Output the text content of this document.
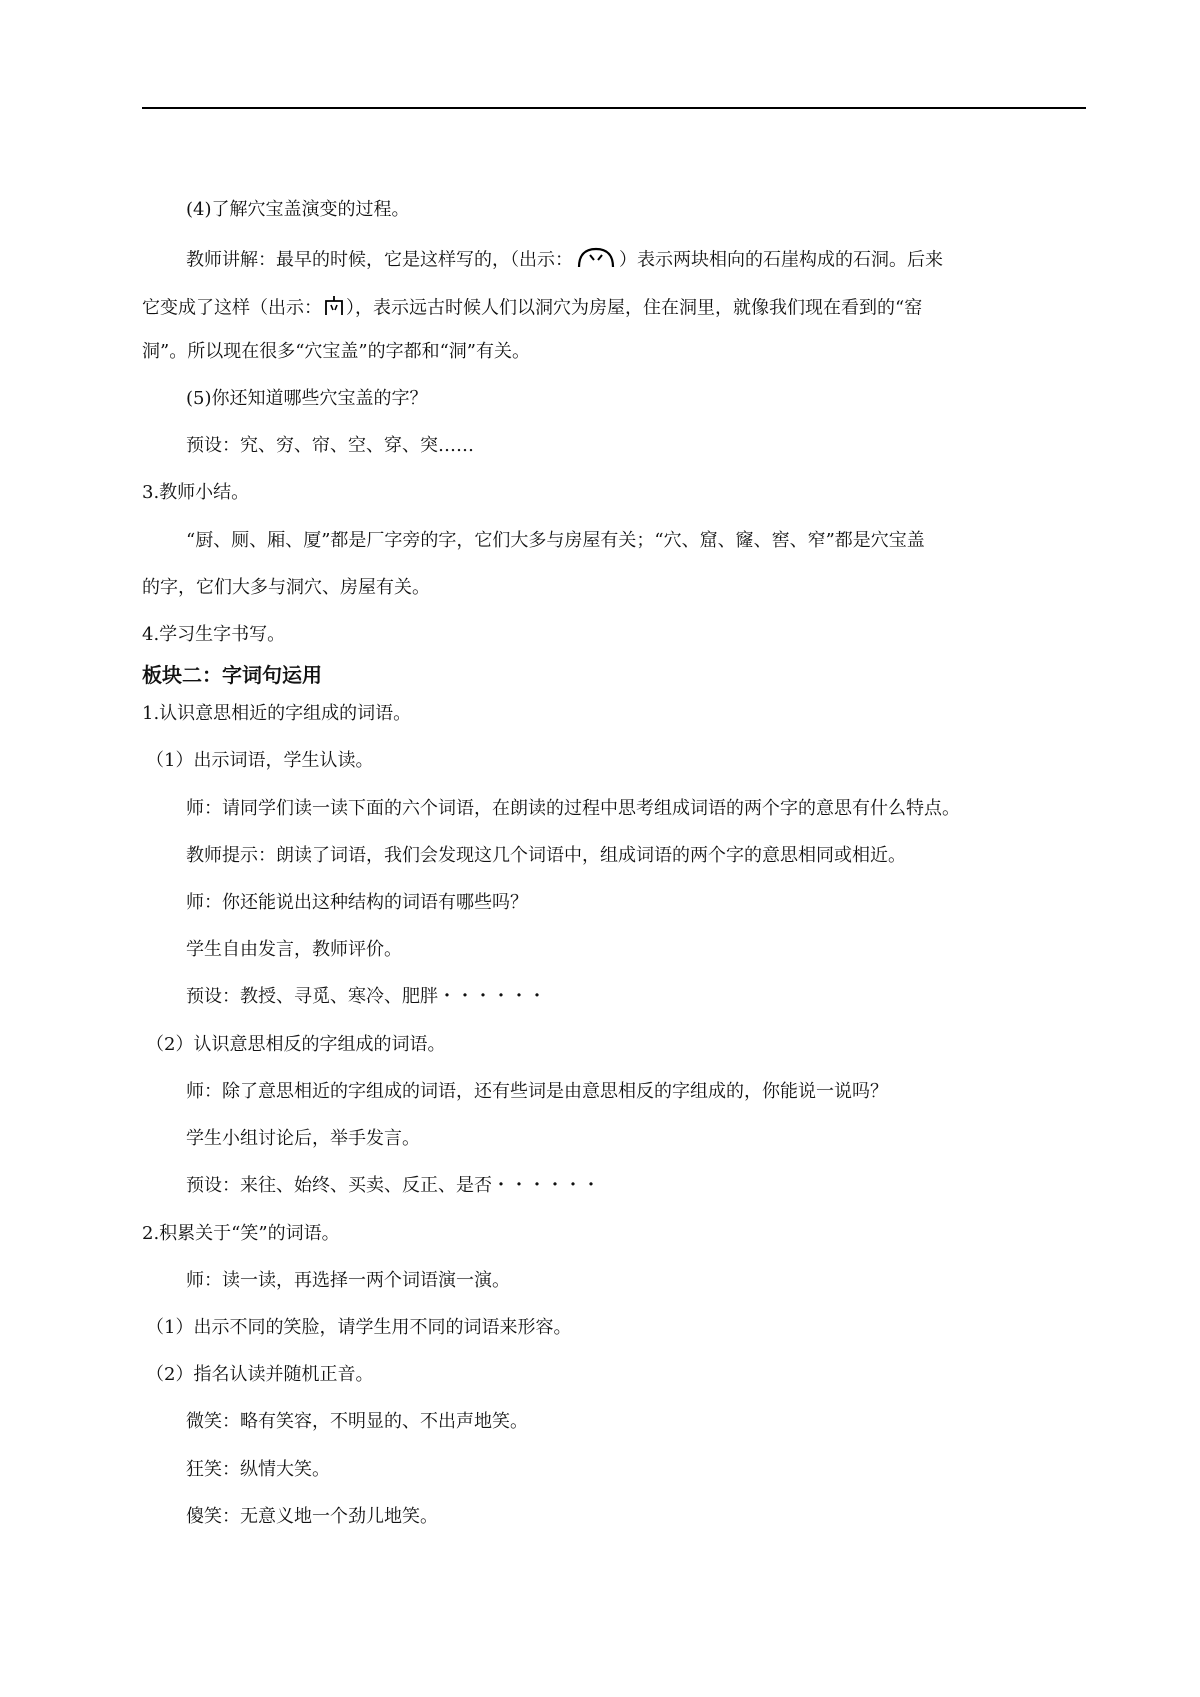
(4)了解穴宝盖演变的过程。
教师讲解：最早的时候，它是这样写的，（出示：	）表示两块相向的石崖构成的石洞。后来
它变成了这样（出示： ），表示远古时候人们以洞穴为房屋，住在洞里，就像我们现在看到的“窑
洞”。所以现在很多“穴宝盖”的字都和“洞”有关。
(5)你还知道哪些穴宝盖的字？
预设：究、穷、帘、空、穿、突……
3.教师小结。
“厨、厕、厢、厦”都是厂字旁的字，它们大多与房屋有关；“穴、窟、窿、窖、窄”都是穴宝盖
的字，它们大多与洞穴、房屋有关。
4.学习生字书写。
板块二：字词句运用
1.认识意思相近的字组成的词语。
（1）出示词语，学生认读。
师：请同学们读一读下面的六个词语，在朗读的过程中思考组成词语的两个字的意思有什么特点。
教师提示：朗读了词语，我们会发现这几个词语中，组成词语的两个字的意思相同或相近。
师：你还能说出这种结构的词语有哪些吗？
学生自由发言，教师评价。
预设：教授、寻觅、寒冷、肥胖・・・・・・
（2）认识意思相反的字组成的词语。
师：除了意思相近的字组成的词语，还有些词是由意思相反的字组成的，你能说一说吗？
学生小组讨论后，举手发言。
预设：来往、始终、买卖、反正、是否・・・・・・
2.积累关于“笑”的词语。
师：读一读，再选择一两个词语演一演。
（1）出示不同的笑脸，请学生用不同的词语来形容。
（2）指名认读并随机正音。
微笑：略有笑容，不明显的、不出声地笑。
狂笑：纵情大笑。
傻笑：无意义地一个劲儿地笑。
